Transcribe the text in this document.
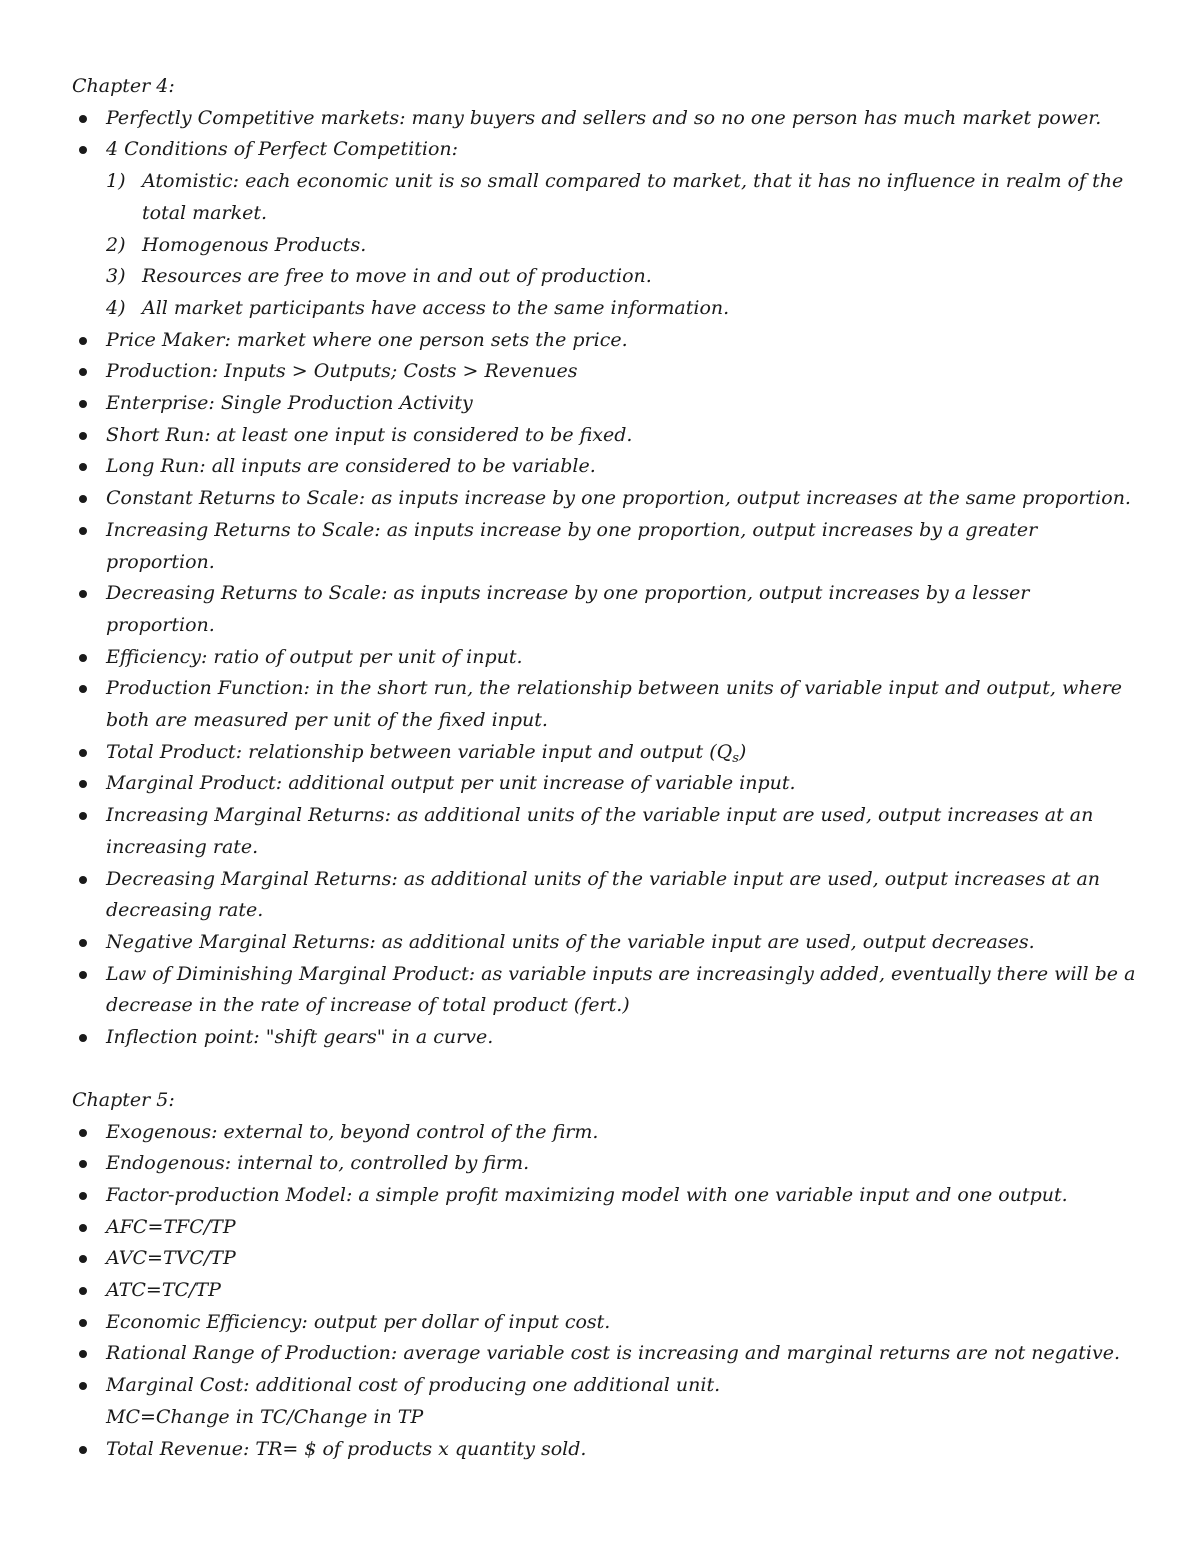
Chapter 4:

Perfectly Competitive markets: many buyers and sellers and so no one person has much market power.
4 Conditions of Perfect Competition:
1) Atomistic: each economic unit is so small compared to market, that it has no influence in realm of the total market.
2) Homogenous Products.
3) Resources are free to move in and out of production.
4) All market participants have access to the same information.
Price Maker: market where one person sets the price.
Production: Inputs > Outputs; Costs > Revenues
Enterprise: Single Production Activity
Short Run: at least one input is considered to be fixed.
Long Run: all inputs are considered to be variable.
Constant Returns to Scale: as inputs increase by one proportion, output increases at the same proportion.
Increasing Returns to Scale: as inputs increase by one proportion, output increases by a greater proportion.
Decreasing Returns to Scale: as inputs increase by one proportion, output increases by a lesser proportion.
Efficiency: ratio of output per unit of input.
Production Function: in the short run, the relationship between units of variable input and output, where both are measured per unit of the fixed input.
Total Product: relationship between variable input and output $(Q_s)$
Marginal Product: additional output per unit increase of variable input.
Increasing Marginal Returns: as additional units of the variable input are used, output increases at an increasing rate.
Decreasing Marginal Returns: as additional units of the variable input are used, output increases at an decreasing rate.
Negative Marginal Returns: as additional units of the variable input are used, output decreases.
Law of Diminishing Marginal Product: as variable inputs are increasingly added, eventually there will be a decrease in the rate of increase of total product (fert.)
Inflection point: "shift gears" in a curve.

Chapter 5:

Exogenous: external to, beyond control of the firm.
Endogenous: internal to, controlled by firm.
Factor-production Model: a simple profit maximizing model with one variable input and one output.
AFC=TFC/TP
AVC=TVC/TP
ATC=TC/TP
Economic Efficiency: output per dollar of input cost.
Rational Range of Production: average variable cost is increasing and marginal returns are not negative.
Marginal Cost: additional cost of producing one additional unit.
MC=Change in TC/Change in TP
Total Revenue: TR= $ of products x quantity sold.
